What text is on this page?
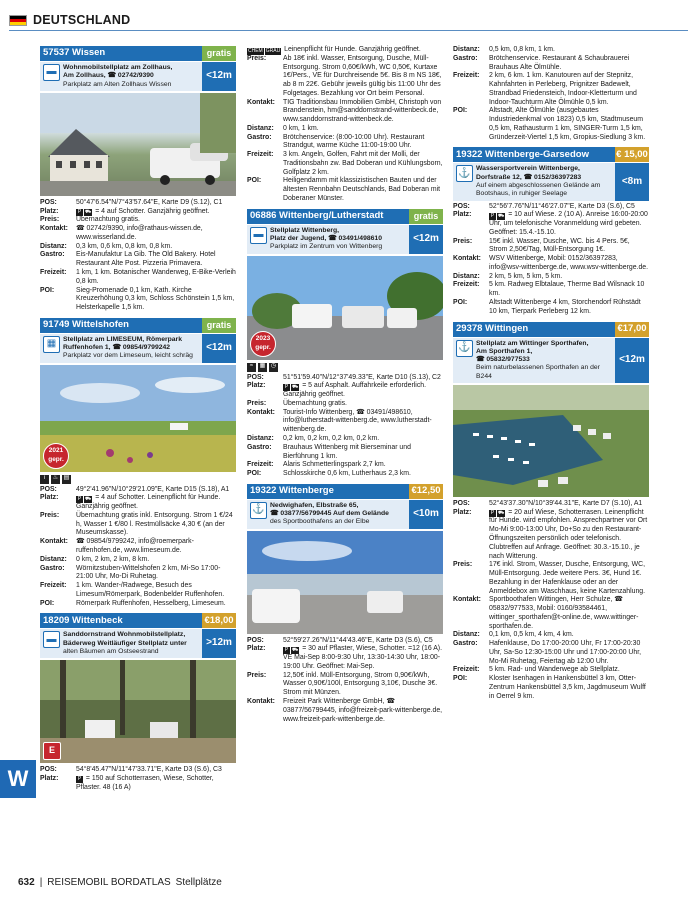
DEUTSCHLAND
W
57537 Wissen	gratis
▬ Wohnmobilstellplatz am Zollhaus,
Am Zollhaus, ☎ 02742/9390
Parkplatz am Alten Zollhaus Wissen
<12m
POS:	50°47'6.54"N/7°43'57.64"E, Karte D9 (S.12), C1
Platz:	P ⛟ = 4 auf Schotter. Ganzjährig geöffnet.
Preis:	Übernachtung gratis.
Kontakt:	☎ 02742/9390, info@rathaus-wissen.de, www.wisserland.de.
Distanz:	0,3 km, 0,6 km, 0,8 km, 0,8 km.
Gastro:	Eis-Manufaktur La Gib. The Old Bakery. Hotel Restaurant Alte Post. Pizzeria Primavera.
Freizeit:	1 km, 1 km. Botanischer Wanderweg, E-Bike-Verleih 0,8 km.
POI:	Sieg-Promenade 0,1 km, Kath. Kirche Kreuzerhöhung 0,3 km, Schloss Schönstein 1,5 km, Helsterkapelle 1,5 km.
91749 Wittelshofen	gratis
▦ Stellplatz am LIMESEUM, Römerpark
Ruffenhofen 1, ☎ 09854/9799242
Parkplatz vor dem Limeseum, leicht schräg
<12m
2021
gepr.
i	♨ ▤
POS:	49°2'41.96"N/10°29'21.09"E, Karte D15 (S.18), A1
Platz:	P ⛟ = 4 auf Schotter. Leinenpflicht für Hunde. Ganzjährig geöffnet.
Preis:	Übernachtung gratis inkl. Entsorgung. Strom 1 €/24 h, Wasser 1 €/80 l. Restmüllsäcke 4,30 € (an der Museumskasse).
Kontakt:	☎ 09854/9799242, info@roemerpark-ruffenhofen.de, www.limeseum.de.
Distanz:	0 km, 2 km, 2 km, 8 km.
Gastro:	Wörnitzstuben-Wittelshofen 2 km, Mi-So 17:00-21:00 Uhr, Mo-Di Ruhetag.
Freizeit:	1 km. Wander-/Radwege, Besuch des Limesum/Römerpark, Bodenbelder Ruffenhofen.
POI:	Römerpark Ruffenhofen, Hesselberg, Limeseum.
18209 Wittenbeck	€18,00
▬ Sanddornstrand Wohnmobilstellplatz,
Bäderweg Weitläufiger Stellplatz unter
alten Bäumen am Ostseestrand
>12m
E
POS:	54°8'45.47"N/11°47'33.71"E, Karte D3 (S.6), C3
Platz:	P = 150 auf Schotterrasen, Wiese, Schotter, Pflaster. 48 (16 A)
CHEM GRAU Leinenpflicht für Hunde. Ganzjährig geöffnet.
Preis:	Ab 18€ inkl. Wasser, Entsorgung, Dusche, Müll-Entsorgung. Strom 0,60€/kWh, WC 0,50€, Kurtaxe 1€/Pers., VE für Durchreisende 5€. Bis 8 m NS 18€, ab 8 m 22€. Gebühr jeweils gültig bis 11:00 Uhr des Folgetages. Bezahlung vor Ort beim Personal.
Kontakt:	TIG Traditionsbau Immobilien GmbH, Christoph von Brandenstein, hm@sanddornstrand-wittenbeck.de, www.sanddornstrand-wittenbeck.de.
Distanz:	0 km, 1 km.
Gastro:	Brötchenservice: (8:00-10:00 Uhr). Restaurant Strandgut, warme Küche 11:00-19:00 Uhr.
Freizeit:	3 km. Angeln, Golfen, Fahrt mit der Molli, der Traditionsbahn zw. Bad Doberan und Kühlungsborn, Golfplatz 2 km.
POI:	Heiligendamm mit klassizistischen Bauten und der ältesten Rennbahn Deutschlands, Bad Doberan mit Doberaner Münster.
06886 Wittenberg/Lutherstadt	gratis
▬ Stellplatz Wittenberg,
Platz der Jugend, ☎ 03491/498610
Parkplatz im Zentrum von Wittenberg
<12m
2023
gepr.
≈	▦ ◷
POS:	51°51'59.40"N/12°37'49.33"E, Karte D10 (S.13), C2
Platz:	P ⛟ = 5 auf Asphalt. Auffahrkeile erforderlich. Ganzjährig geöffnet.
Preis:	Übernachtung gratis.
Kontakt:	Tourist-Info Wittenberg, ☎ 03491/498610, info@lutherstadt-wittenberg.de, www.lutherstadt-wittenberg.de.
Distanz:	0,2 km, 0,2 km, 0,2 km, 0,2 km.
Gastro:	Brauhaus Wittenberg mit Bierseminar und Bierführung 1 km.
Freizeit:	Alaris Schmetterlingspark 2,7 km.
POI:	Schlosskirche 0,6 km, Lutherhaus 2,3 km.
19322 Wittenberge	€12,50
⚓ Nedwighafen, Elbstraße 65,
☎ 03877/56799445 Auf dem Gelände
des Sportboothafens an der Elbe
<10m
POS:	52°59'27.26"N/11°44'43.46"E, Karte D3 (S.6), C5
Platz:	P ⛟ = 30 auf Pflaster, Wiese, Schotter. =12 (16 A). VE Mai-Sep 8:00-9:30 Uhr, 13:30-14:30 Uhr, 18:00-19:00 Uhr. Geöffnet: Mai-Sep.
Preis:	12,50€ inkl. Müll-Entsorgung, Strom 0,90€/kWh, Wasser 0,90€/100l, Entsorgung 3,10€, Dusche 3€. Strom mit Münzen.
Kontakt:	Freizeit Park Wittenberge GmbH, ☎ 03877/56799445, info@freizeit-park-wittenberge.de, www.freizeit-park-wittenberge.de.
Distanz:	0,5 km, 0,8 km, 1 km.
Gastro:	Brötchenservice. Restaurant & Schaubrauerei Brauhaus Alte Ölmühle.
Freizeit:	2 km, 6 km. 1 km. Kanutouren auf der Stepnitz, Kahnfahrten in Perleberg, Prignitzer Badewelt, Strandbad Friedensteich, Indoor-Kletterturm und Indoor-Tauchturm Alte Ölmühle 0,5 km.
POI:	Altstadt, Alte Ölmühle (ausgebautes Industriedenkmal von 1823) 0,5 km, Stadtmuseum 0,5 km, Rathausturm 1 km, SINGER-Turm 1,5 km, Gründerzeit-Viertel 1,5 km, Gropius-Siedlung 3 km.
19322 Wittenberge-Garsedow	€ 15,00
⚓ Wassersportverein Wittenberge,
Dorfstraße 12, ☎ 0152/36397283
Auf einem abgeschlossenen Gelände am Bootshaus, in ruhiger Seelage
<8m
POS:	52°56'7.76"N/11°46'27.07"E, Karte D3 (S.6), C5
Platz:	P ⛟ = 10 auf Wiese. 2 (10 A). Anreise 16:00-20:00 Uhr, um telefonische Voranmeldung wird gebeten. Geöffnet: 15.4.-15.10.
Preis:	15€ inkl. Wasser, Dusche, WC. bis 4 Pers. 5€, Strom 2,50€/Tag, Müll-Entsorgung 1€.
Kontakt:	WSV Wittenberge, Mobil: 0152/36397283, info@wsv-wittenberge.de, www.wsv-wittenberge.de.
Distanz:	2 km, 5 km, 5 km, 5 km.
Freizeit:	5 km. Radweg Elbtalaue, Therme Bad Wilsnack 10 km.
POI:	Altstadt Wittenberge 4 km, Storchendorf Rühstädt 10 km, Tierpark Perleberg 12 km.
29378 Wittingen	€17,00
⚓ Stellplatz am Wittinger Sporthafen,
Am Sporthafen 1,
☎ 05832/977533
Beim naturbelassenen Sporthafen an der B244
<12m
POS:	52°43'37.30"N/10°39'44.31"E, Karte D7 (S.10), A1
Platz:	P ⛟ = 20 auf Wiese, Schotterrasen. Leinenpflicht für Hunde. wird empfohlen. Ansprechpartner vor Ort Mo-Mi 9:00-13:00 Uhr, Do+So zu den Restaurant-Öffnungszeiten persönlich oder telefonisch. Clubtreffen auf Anfrage. Geöffnet: 30.3.-15.10., je nach Witterung.
Preis:	17€ inkl. Strom, Wasser, Dusche, Entsorgung, WC, Müll-Entsorgung. Jede weitere Pers. 3€, Hund 1€. Bezahlung in der Hafenklause oder an der Anmeldebox am Waschhaus, keine Kartenzahlung.
Kontakt:	Sportboothafen Wittingen, Herr Schulze, ☎ 05832/977533, Mobil: 0160/93584461, wittinger_sporthafen@t-online.de, www.wittinger-sporthafen.de.
Distanz:	0,1 km, 0,5 km, 4 km, 4 km.
Gastro:	Hafenklause, Do 17:00-20:00 Uhr, Fr 17:00-20:30 Uhr, Sa-So 12:30-15:00 Uhr und 17:00-20:00 Uhr, Mo-Mi Ruhetag, Feiertag ab 12:00 Uhr.
Freizeit:	5 km. Rad- und Wanderwege ab Stellplatz.
POI:	Kloster Isenhagen in Hankensbüttel 3 km, Otter-Zentrum Hankensbüttel 3,5 km, Jagdmuseum Wulff in Oerrel 9 km.
632 | REISEMOBIL BORDATLAS Stellplätze
